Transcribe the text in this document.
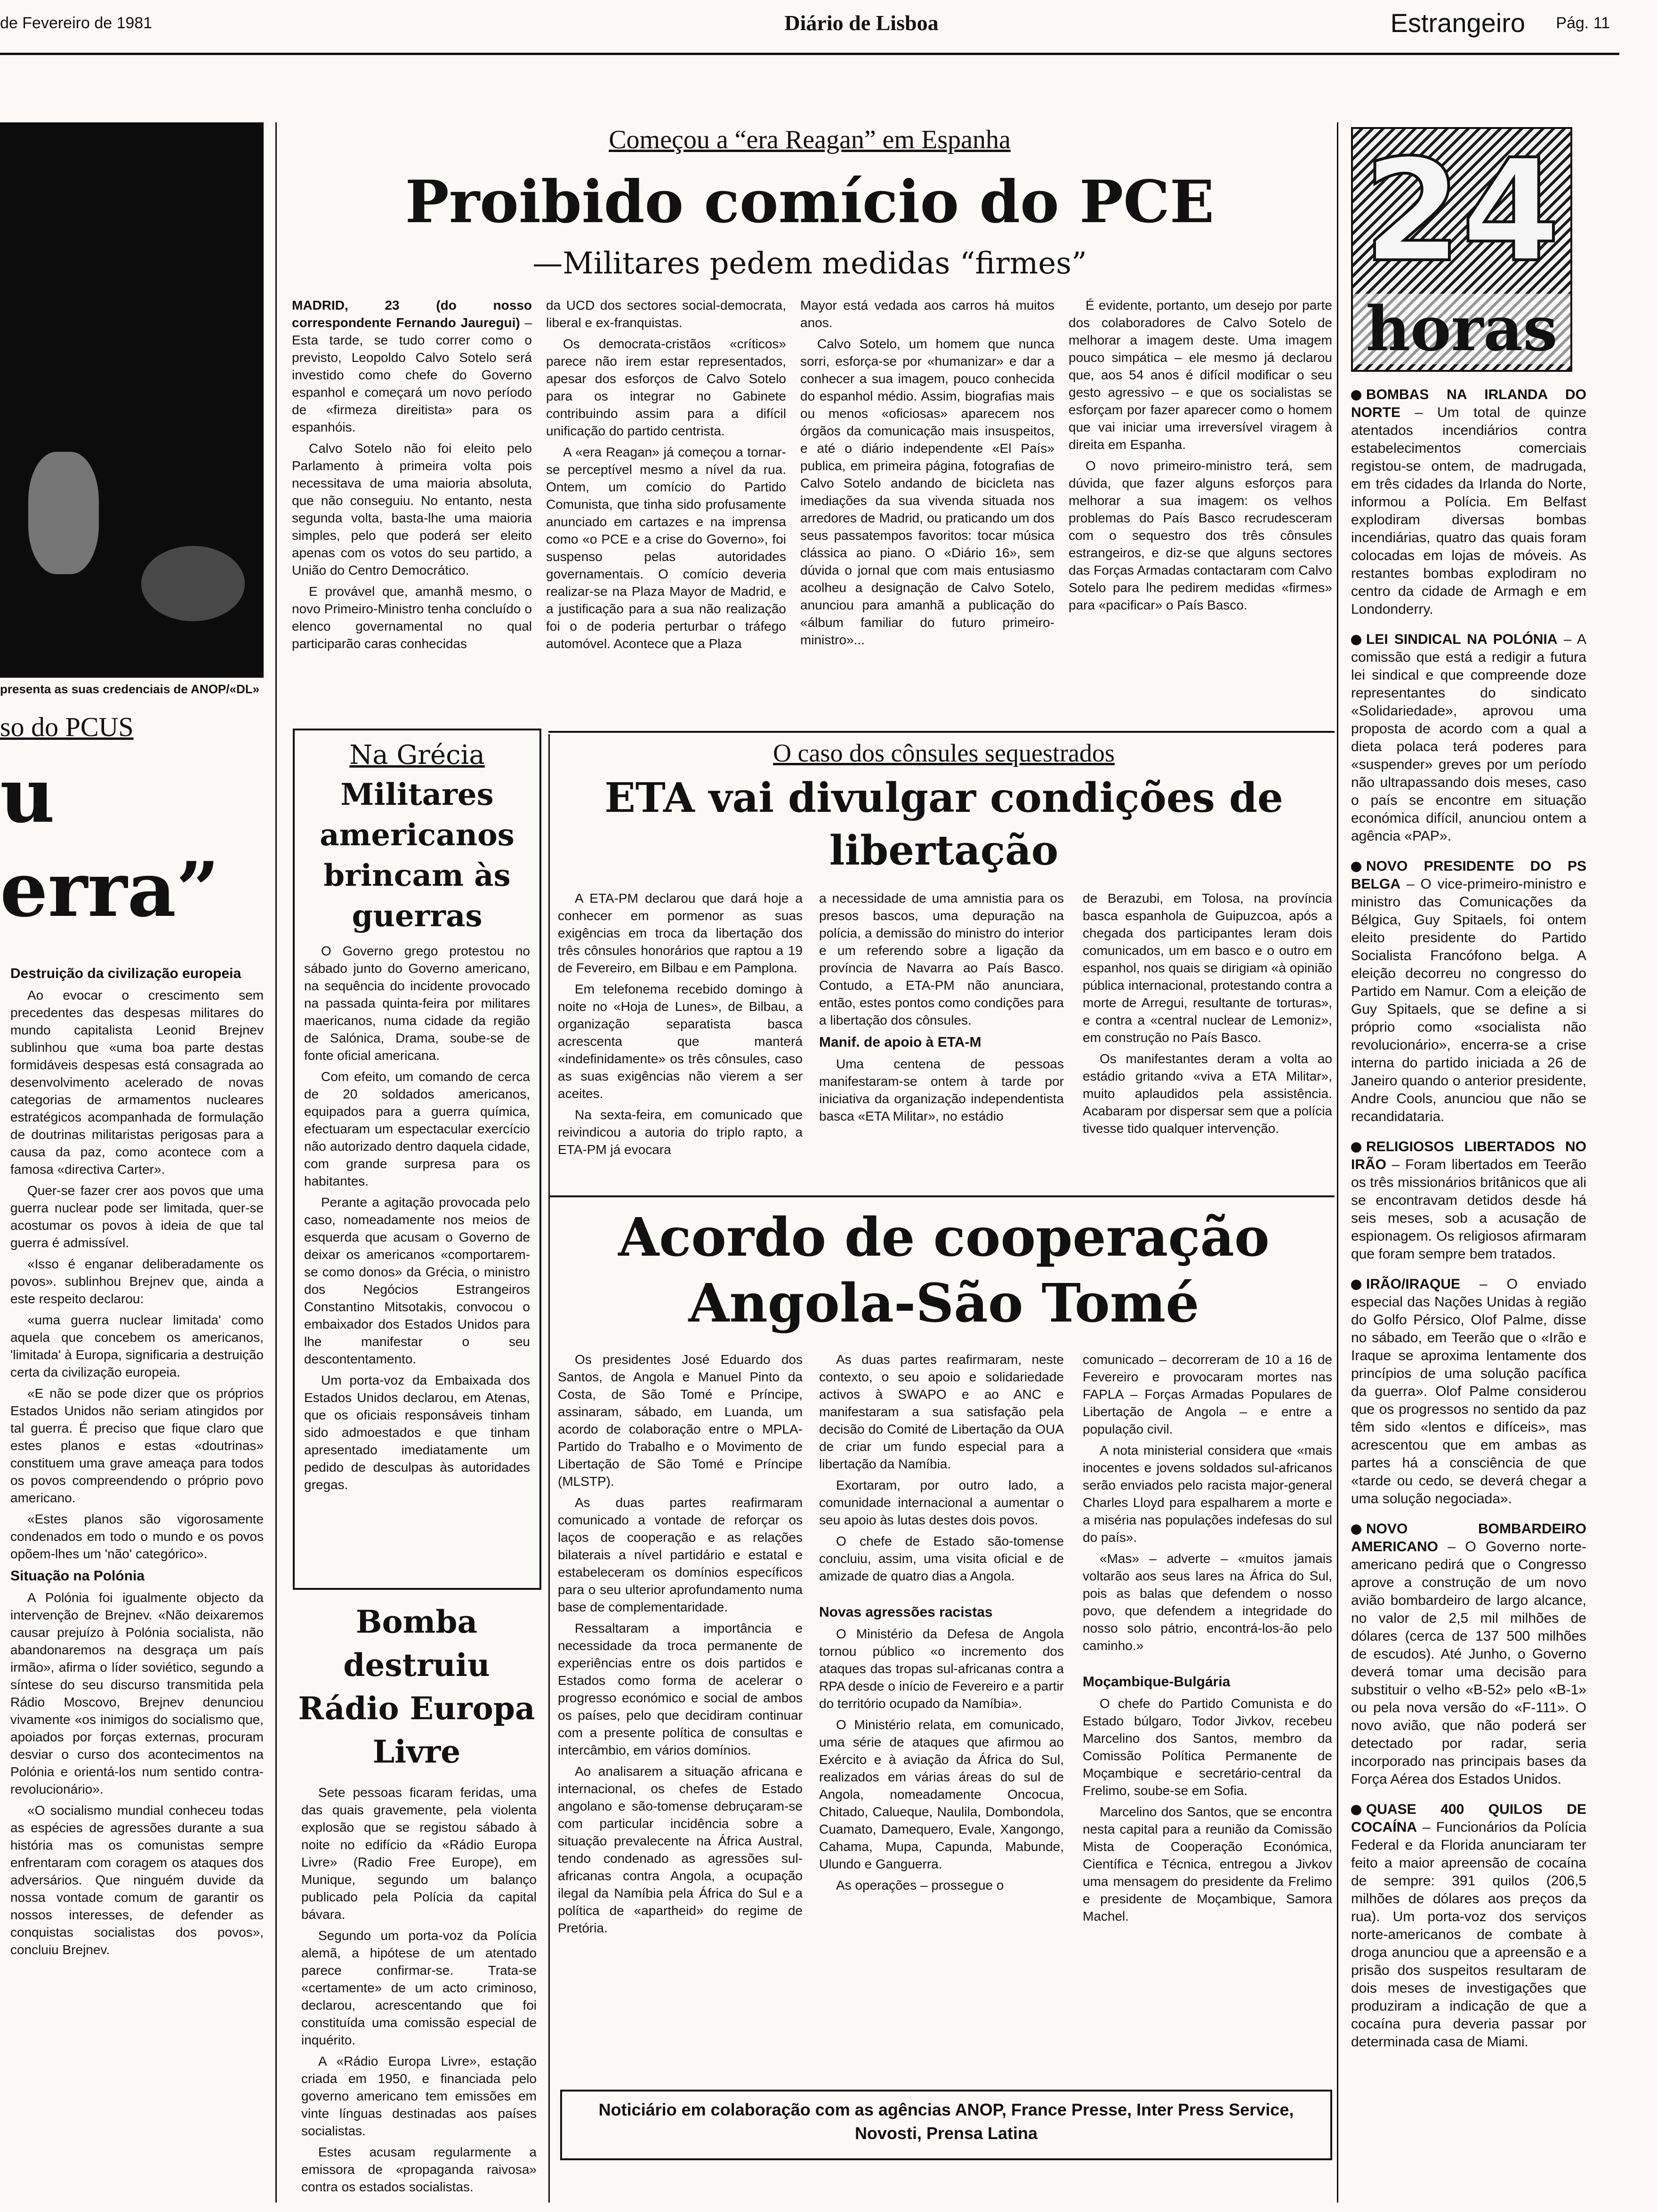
de Fevereiro de 1981	Diário de Lisboa	Estrangeiro	Pág. 11
presenta as suas credenciais de ANOP/«DL»
so do PCUS
u
erra”
Destruição da civilização europeia

Ao evocar o crescimento sem precedentes das despesas militares do mundo capitalista Leonid Brejnev sublinhou que «uma boa parte destas formidáveis despesas está consagrada ao desenvolvimento acelerado de novas categorias de armamentos nucleares estratégicos acompanhada de formulação de doutrinas militaristas perigosas para a causa da paz, como acontece com a famosa «directiva Carter».

Quer-se fazer crer aos povos que uma guerra nuclear pode ser limitada, quer-se acostumar os povos à ideia de que tal guerra é admissível.

«Isso é enganar deliberadamente os povos». sublinhou Brejnev que, ainda a este respeito declarou:

«uma guerra nuclear limitada' como aquela que concebem os americanos, 'limitada' à Europa, significaria a destruição certa da civilização europeia.

«E não se pode dizer que os próprios Estados Unidos não seriam atingidos por tal guerra. É preciso que fique claro que estes planos e estas «doutrinas» constituem uma grave ameaça para todos os povos compreendendo o próprio povo americano.

«Estes planos são vigorosamente condenados em todo o mundo e os povos opõem-lhes um 'não' categórico».

Situação na Polónia

A Polónia foi igualmente objecto da intervenção de Brejnev. «Não deixaremos causar prejuízo à Polónia socialista, não abandonaremos na desgraça um país irmão», afirma o líder soviético, segundo a síntese do seu discurso transmitida pela Rádio Moscovo, Brejnev denunciou vivamente «os inimigos do socialismo que, apoiados por forças externas, procuram desviar o curso dos acontecimentos na Polónia e orientá-los num sentido contra-revolucionário».

«O socialismo mundial conheceu todas as espécies de agressões durante a sua história mas os comunistas sempre enfrentaram com coragem os ataques dos adversários. Que ninguém duvide da nossa vontade comum de garantir os nossos interesses, de defender as conquistas socialistas dos povos», concluiu Brejnev.

Começou a “era Reagan” em Espanha
Proibido comício do PCE
—Militares pedem medidas “firmes”

MADRID, 23 (do nosso correspondente Fernando Jauregui) – Esta tarde, se tudo correr como o previsto, Leopoldo Calvo Sotelo será investido como chefe do Governo espanhol e começará um novo período de «firmeza direitista» para os espanhóis.

Calvo Sotelo não foi eleito pelo Parlamento à primeira volta pois necessitava de uma maioria absoluta, que não conseguiu. No entanto, nesta segunda volta, basta-lhe uma maioria simples, pelo que poderá ser eleito apenas com os votos do seu partido, a União do Centro Democrático.

E provável que, amanhã mesmo, o novo Primeiro-Ministro tenha concluído o elenco governamental no qual participarão caras conhecidas

da UCD dos sectores social-democrata, liberal e ex-franquistas.

Os democrata-cristãos «críticos» parece não irem estar representados, apesar dos esforços de Calvo Sotelo para os integrar no Gabinete contribuindo assim para a difícil unificação do partido centrista.

A «era Reagan» já começou a tornar-se perceptível mesmo a nível da rua. Ontem, um comício do Partido Comunista, que tinha sido profusamente anunciado em cartazes e na imprensa como «o PCE e a crise do Governo», foi suspenso pelas autoridades governamentais. O comício deveria realizar-se na Plaza Mayor de Madrid, e a justificação para a sua não realização foi o de poderia perturbar o tráfego automóvel. Acontece que a Plaza

Mayor está vedada aos carros há muitos anos.

Calvo Sotelo, um homem que nunca sorri, esforça-se por «humanizar» e dar a conhecer a sua imagem, pouco conhecida do espanhol médio. Assim, biografias mais ou menos «oficiosas» aparecem nos órgãos da comunicação mais insuspeitos, e até o diário independente «El País» publica, em primeira página, fotografias de Calvo Sotelo andando de bicicleta nas imediações da sua vivenda situada nos arredores de Madrid, ou praticando um dos seus passatempos favoritos: tocar música clássica ao piano. O «Diário 16», sem dúvida o jornal que com mais entusiasmo acolheu a designação de Calvo Sotelo, anunciou para amanhã a publicação do «álbum familiar do futuro primeiro-ministro»...

É evidente, portanto, um desejo por parte dos colaboradores de Calvo Sotelo de melhorar a imagem deste. Uma imagem pouco simpática – ele mesmo já declarou que, aos 54 anos é difícil modificar o seu gesto agressivo – e que os socialistas se esforçam por fazer aparecer como o homem que vai iniciar uma irreversível viragem à direita em Espanha.

O novo primeiro-ministro terá, sem dúvida, que fazer alguns esforços para melhorar a sua imagem: os velhos problemas do País Basco recrudesceram com o sequestro dos três cônsules estrangeiros, e diz-se que alguns sectores das Forças Armadas contactaram com Calvo Sotelo para lhe pedirem medidas «firmes» para «pacificar» o País Basco.

Na Grécia
Militares americanos brincam às guerras

O Governo grego protestou no sábado junto do Governo americano, na sequência do incidente provocado na passada quinta-feira por militares maericanos, numa cidade da região de Salónica, Drama, soube-se de fonte oficial americana.

Com efeito, um comando de cerca de 20 soldados americanos, equipados para a guerra química, efectuaram um espectacular exercício não autorizado dentro daquela cidade, com grande surpresa para os habitantes.

Perante a agitação provocada pelo caso, nomeadamente nos meios de esquerda que acusam o Governo de deixar os americanos «comportarem-se como donos» da Grécia, o ministro dos Negócios Estrangeiros Constantino Mitsotakis, convocou o embaixador dos Estados Unidos para lhe manifestar o seu descontentamento.

Um porta-voz da Embaixada dos Estados Unidos declarou, em Atenas, que os oficiais responsáveis tinham sido admoestados e que tinham apresentado imediatamente um pedido de desculpas às autoridades gregas.

Bomba destruiu Rádio Europa Livre

Sete pessoas ficaram feridas, uma das quais gravemente, pela violenta explosão que se registou sábado à noite no edifício da «Rádio Europa Livre» (Radio Free Europe), em Munique, segundo um balanço publicado pela Polícia da capital bávara.

Segundo um porta-voz da Polícia alemã, a hipótese de um atentado parece confirmar-se. Trata-se «certamente» de um acto criminoso, declarou, acrescentando que foi constituída uma comissão especial de inquérito.

A «Rádio Europa Livre», estação criada em 1950, e financiada pelo governo americano tem emissões em vinte línguas destinadas aos países socialistas.

Estes acusam regularmente a emissora de «propaganda raivosa» contra os estados socialistas.

O caso dos cônsules sequestrados
ETA vai divulgar condições de libertação

A ETA-PM declarou que dará hoje a conhecer em pormenor as suas exigências em troca da libertação dos três cônsules honorários que raptou a 19 de Fevereiro, em Bilbau e em Pamplona.

Em telefonema recebido domingo à noite no «Hoja de Lunes», de Bilbau, a organização separatista basca acrescenta que manterá «indefinidamente» os três cônsules, caso as suas exigências não vierem a ser aceites.

Na sexta-feira, em comunicado que reivindicou a autoria do triplo rapto, a ETA-PM já evocara

a necessidade de uma amnistia para os presos bascos, uma depuração na polícia, a demissão do ministro do interior e um referendo sobre a ligação da província de Navarra ao País Basco. Contudo, a ETA-PM não anunciara, então, estes pontos como condições para a libertação dos cônsules.

Manif. de apoio à ETA-M

Uma centena de pessoas manifestaram-se ontem à tarde por iniciativa da organização independentista basca «ETA Militar», no estádio

de Berazubi, em Tolosa, na província basca espanhola de Guipuzcoa, após a chegada dos participantes leram dois comunicados, um em basco e o outro em espanhol, nos quais se dirigiam «à opinião pública internacional, protestando contra a morte de Arregui, resultante de torturas», e contra a «central nuclear de Lemoniz», em construção no País Basco.

Os manifestantes deram a volta ao estádio gritando «viva a ETA Militar», muito aplaudidos pela assistência. Acabaram por dispersar sem que a polícia tivesse tido qualquer intervenção.

Acordo de cooperação Angola-São Tomé

Os presidentes José Eduardo dos Santos, de Angola e Manuel Pinto da Costa, de São Tomé e Príncipe, assinaram, sábado, em Luanda, um acordo de colaboração entre o MPLA-Partido do Trabalho e o Movimento de Libertação de São Tomé e Príncipe (MLSTP).

As duas partes reafirmaram comunicado a vontade de reforçar os laços de cooperação e as relações bilaterais a nível partidário e estatal e estabeleceram os domínios específicos para o seu ulterior aprofundamento numa base de complementaridade.

Ressaltaram a importância e necessidade da troca permanente de experiências entre os dois partidos e Estados como forma de acelerar o progresso económico e social de ambos os países, pelo que decidiram continuar com a presente política de consultas e intercâmbio, em vários domínios.

Ao analisarem a situação africana e internacional, os chefes de Estado angolano e são-tomense debruçaram-se com particular incidência sobre a situação prevalecente na África Austral, tendo condenado as agressões sul-africanas contra Angola, a ocupação ilegal da Namíbia pela África do Sul e a política de «apartheid» do regime de Pretória.

As duas partes reafirmaram, neste contexto, o seu apoio e solidariedade activos à SWAPO e ao ANC e manifestaram a sua satisfação pela decisão do Comité de Libertação da OUA de criar um fundo especial para a libertação da Namíbia.

Exortaram, por outro lado, a comunidade internacional a aumentar o seu apoio às lutas destes dois povos.

O chefe de Estado são-tomense concluiu, assim, uma visita oficial e de amizade de quatro dias a Angola.

Novas agressões racistas

O Ministério da Defesa de Angola tornou público «o incremento dos ataques das tropas sul-africanas contra a RPA desde o início de Fevereiro e a partir do território ocupado da Namíbia».

O Ministério relata, em comunicado, uma série de ataques que afirmou ao Exército e à aviação da África do Sul, realizados em várias áreas do sul de Angola, nomeadamente Oncocua, Chitado, Calueque, Naulila, Dombondola, Cuamato, Damequero, Evale, Xangongo, Cahama, Mupa, Capunda, Mabunde, Ulundo e Ganguerra.

As operações – prossegue o

comunicado – decorreram de 10 a 16 de Fevereiro e provocaram mortes nas FAPLA – Forças Armadas Populares de Libertação de Angola – e entre a população civil.

A nota ministerial considera que «mais inocentes e jovens soldados sul-africanos serão enviados pelo racista major-general Charles Lloyd para espalharem a morte e a miséria nas populações indefesas do sul do país».

«Mas» – adverte – «muitos jamais voltarão aos seus lares na África do Sul, pois as balas que defendem o nosso povo, que defendem a integridade do nosso solo pátrio, encontrá-los-ão pelo caminho.»

Moçambique-Bulgária

O chefe do Partido Comunista e do Estado búlgaro, Todor Jivkov, recebeu Marcelino dos Santos, membro da Comissão Política Permanente de Moçambique e secretário-central da Frelimo, soube-se em Sofia.

Marcelino dos Santos, que se encontra nesta capital para a reunião da Comissão Mista de Cooperação Económica, Científica e Técnica, entregou a Jivkov uma mensagem do presidente da Frelimo e presidente de Moçambique, Samora Machel.

Noticiário em colaboração com as agências ANOP, France Presse, Inter Press Service, Novosti, Prensa Latina
24
horas
BOMBAS NA IRLANDA DO NORTE – Um total de quinze atentados incendiários contra estabelecimentos comerciais registou-se ontem, de madrugada, em três cidades da Irlanda do Norte, informou a Polícia. Em Belfast explodiram diversas bombas incendiárias, quatro das quais foram colocadas em lojas de móveis. As restantes bombas explodiram no centro da cidade de Armagh e em Londonderry.
LEI SINDICAL NA POLÓNIA – A comissão que está a redigir a futura lei sindical e que compreende doze representantes do sindicato «Solidariedade», aprovou uma proposta de acordo com a qual a dieta polaca terá poderes para «suspender» greves por um período não ultrapassando dois meses, caso o país se encontre em situação económica difícil, anunciou ontem a agência «PAP».
NOVO PRESIDENTE DO PS BELGA – O vice-primeiro-ministro e ministro das Comunicações da Bélgica, Guy Spitaels, foi ontem eleito presidente do Partido Socialista Francófono belga. A eleição decorreu no congresso do Partido em Namur. Com a eleição de Guy Spitaels, que se define a si próprio como «socialista não revolucionário», encerra-se a crise interna do partido iniciada a 26 de Janeiro quando o anterior presidente, Andre Cools, anunciou que não se recandidataria.
RELIGIOSOS LIBERTADOS NO IRÃO – Foram libertados em Teerão os três missionários britânicos que ali se encontravam detidos desde há seis meses, sob a acusação de espionagem. Os religiosos afirmaram que foram sempre bem tratados.
IRÃO/IRAQUE – O enviado especial das Nações Unidas à região do Golfo Pérsico, Olof Palme, disse no sábado, em Teerão que o «Irão e Iraque se aproxima lentamente dos princípios de uma solução pacífica da guerra». Olof Palme considerou que os progressos no sentido da paz têm sido «lentos e difíceis», mas acrescentou que em ambas as partes há a consciência de que «tarde ou cedo, se deverá chegar a uma solução negociada».
NOVO BOMBARDEIRO AMERICANO – O Governo norte-americano pedirá que o Congresso aprove a construção de um novo avião bombardeiro de largo alcance, no valor de 2,5 mil milhões de dólares (cerca de 137 500 milhões de escudos). Até Junho, o Governo deverá tomar uma decisão para substituir o velho «B-52» pelo «B-1» ou pela nova versão do «F-111». O novo avião, que não poderá ser detectado por radar, seria incorporado nas principais bases da Força Aérea dos Estados Unidos.
QUASE 400 QUILOS DE COCAÍNA – Funcionários da Polícia Federal e da Florida anunciaram ter feito a maior apreensão de cocaína de sempre: 391 quilos (206,5 milhões de dólares aos preços da rua). Um porta-voz dos serviços norte-americanos de combate à droga anunciou que a apreensão e a prisão dos suspeitos resultaram de dois meses de investigações que produziram a indicação de que a cocaína pura deveria passar por determinada casa de Miami.
